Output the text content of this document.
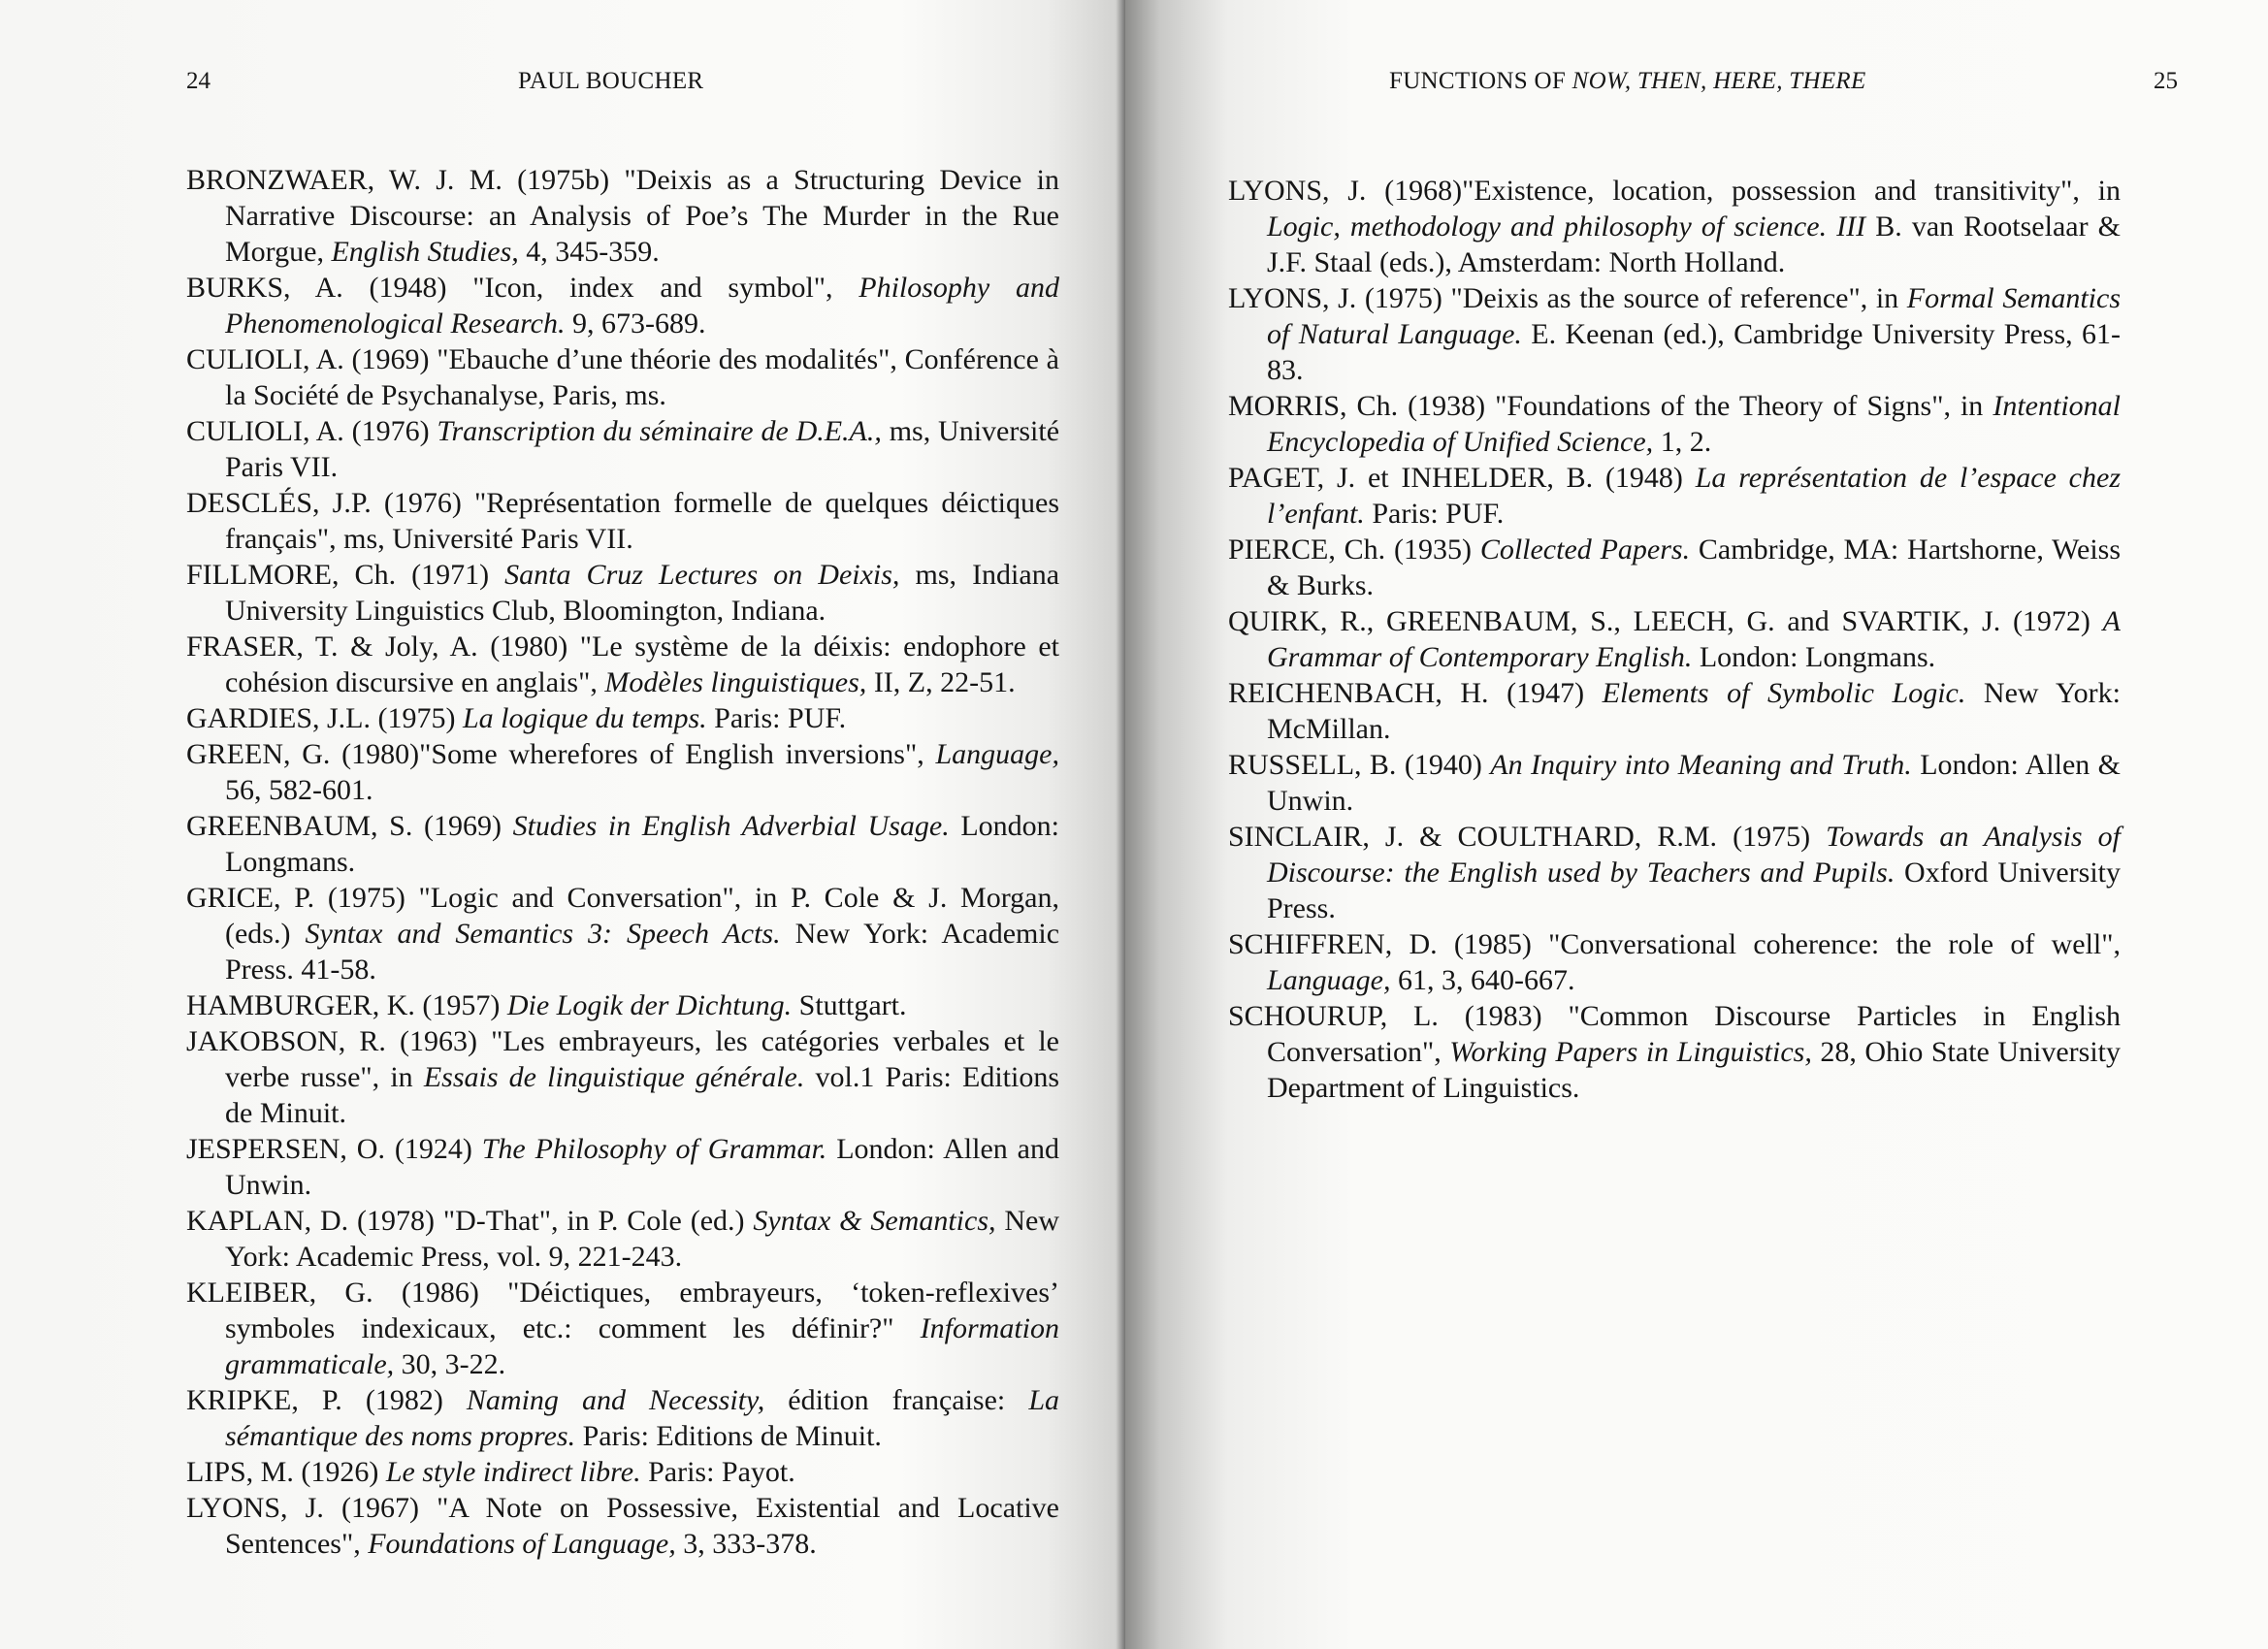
24	PAUL BOUCHER

BRONZWAER, W. J. M. (1975b) "Deixis as a Structuring Device in Narrative Discourse: an Analysis of Poe’s The Murder in the Rue Morgue, English Studies, 4, 345-359.

BURKS, A. (1948) "Icon, index and symbol", Philosophy and Phenomenological Research. 9, 673-689.

CULIOLI, A. (1969) "Ebauche d’une théorie des modalités", Conférence à la Société de Psychanalyse, Paris, ms.

CULIOLI, A. (1976) Transcription du séminaire de D.E.A., ms, Université Paris VII.

DESCLÉS, J.P. (1976) "Représentation formelle de quelques déictiques français", ms, Université Paris VII.

FILLMORE, Ch. (1971) Santa Cruz Lectures on Deixis, ms, Indiana University Linguistics Club, Bloomington, Indiana.

FRASER, T. & Joly, A. (1980) "Le système de la déixis: endophore et cohésion discursive en anglais", Modèles linguistiques, II, Z, 22-51.

GARDIES, J.L. (1975) La logique du temps. Paris: PUF.

GREEN, G. (1980)"Some wherefores of English inversions", Language, 56, 582-601.

GREENBAUM, S. (1969) Studies in English Adverbial Usage. London: Longmans.

GRICE, P. (1975) "Logic and Conversation", in P. Cole & J. Morgan, (eds.) Syntax and Semantics 3: Speech Acts. New York: Academic Press. 41-58.

HAMBURGER, K. (1957) Die Logik der Dichtung. Stuttgart.

JAKOBSON, R. (1963) "Les embrayeurs, les catégories verbales et le verbe russe", in Essais de linguistique générale. vol.1 Paris: Editions de Minuit.

JESPERSEN, O. (1924) The Philosophy of Grammar. London: Allen and Unwin.

KAPLAN, D. (1978) "D-That", in P. Cole (ed.) Syntax & Semantics, New York: Academic Press, vol. 9, 221-243.

KLEIBER, G. (1986) "Déictiques, embrayeurs, ‘token-reflexives’ symboles indexicaux, etc.: comment les définir?" Information grammaticale, 30, 3-22.

KRIPKE, P. (1982) Naming and Necessity, édition française: La sémantique des noms propres. Paris: Editions de Minuit.

LIPS, M. (1926) Le style indirect libre. Paris: Payot.

LYONS, J. (1967) "A Note on Possessive, Existential and Locative Sentences", Foundations of Language, 3, 333-378.

FUNCTIONS OF NOW, THEN, HERE, THERE	25

LYONS, J. (1968)"Existence, location, possession and transitivity", in Logic, methodology and philosophy of science. III B. van Rootselaar & J.F. Staal (eds.), Amsterdam: North Holland.

LYONS, J. (1975) "Deixis as the source of reference", in Formal Semantics of Natural Language. E. Keenan (ed.), Cambridge University Press, 61-83.

MORRIS, Ch. (1938) "Foundations of the Theory of Signs", in Intentional Encyclopedia of Unified Science, 1, 2.

PAGET, J. et INHELDER, B. (1948) La représentation de l’espace chez l’enfant. Paris: PUF.

PIERCE, Ch. (1935) Collected Papers. Cambridge, MA: Hartshorne, Weiss & Burks.

QUIRK, R., GREENBAUM, S., LEECH, G. and SVARTIK, J. (1972) A Grammar of Contemporary English. London: Longmans.

REICHENBACH, H. (1947) Elements of Symbolic Logic. New York: McMillan.

RUSSELL, B. (1940) An Inquiry into Meaning and Truth. London: Allen & Unwin.

SINCLAIR, J. & COULTHARD, R.M. (1975) Towards an Analysis of Discourse: the English used by Teachers and Pupils. Oxford University Press.

SCHIFFREN, D. (1985) "Conversational coherence: the role of well", Language, 61, 3, 640-667.

SCHOURUP, L. (1983) "Common Discourse Particles in English Conversation", Working Papers in Linguistics, 28, Ohio State University Department of Linguistics.
